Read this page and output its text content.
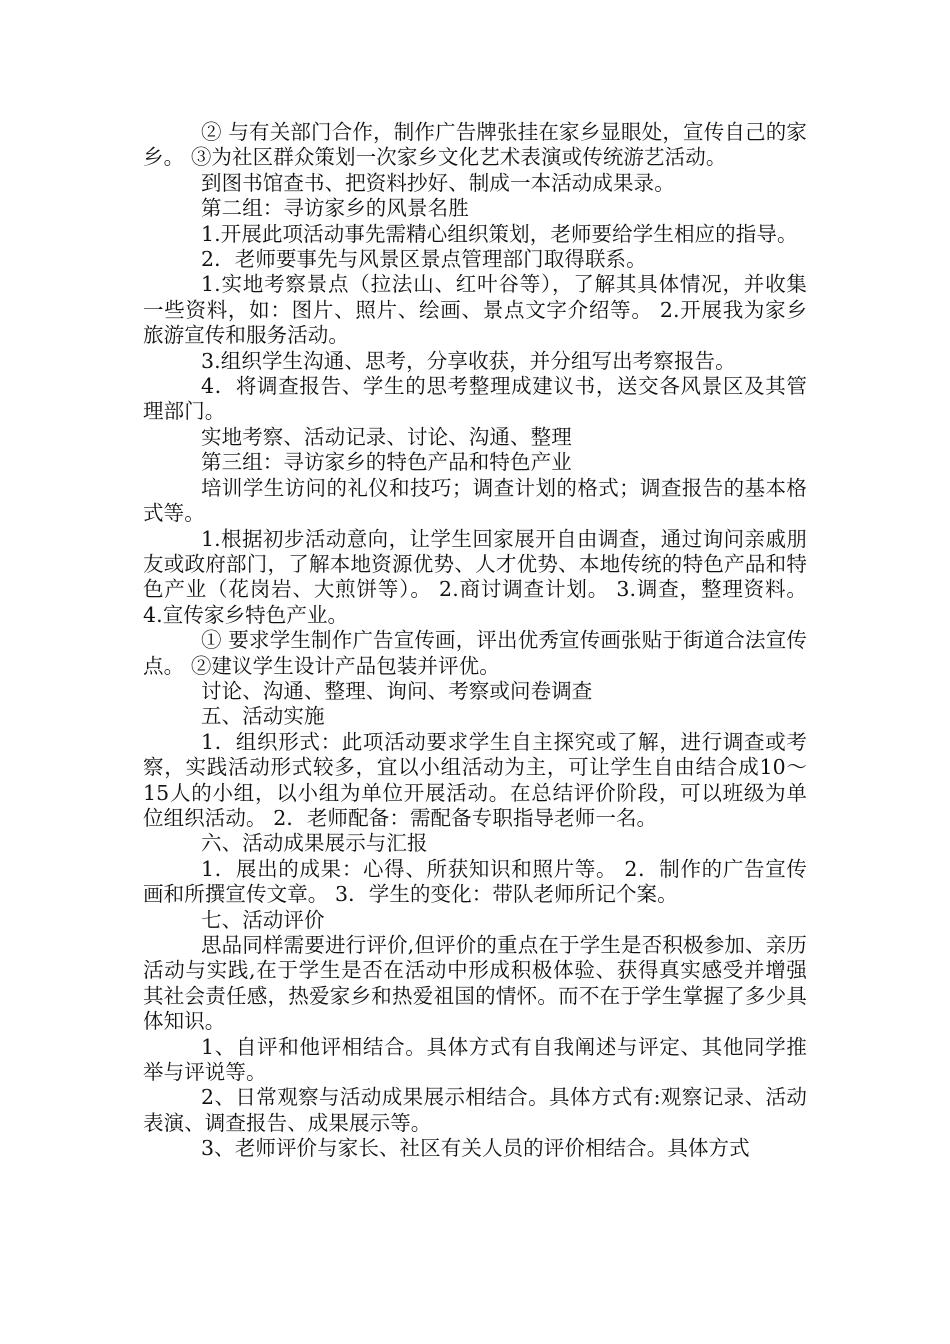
② 与有关部门合作，制作广告牌张挂在家乡显眼处，宣传自己的家乡。 ③为社区群众策划一次家乡文化艺术表演或传统游艺活动。

到图书馆查书、把资料抄好、制成一本活动成果录。

第二组：寻访家乡的风景名胜

1.开展此项活动事先需精心组织策划，老师要给学生相应的指导。

2．老师要事先与风景区景点管理部门取得联系。

1.实地考察景点（拉法山、红叶谷等），了解其具体情况，并收集一些资料，如：图片、照片、绘画、景点文字介绍等。 2.开展我为家乡旅游宣传和服务活动。

3.组织学生沟通、思考，分享收获，并分组写出考察报告。

4．将调查报告、学生的思考整理成建议书，送交各风景区及其管理部门。

实地考察、活动记录、讨论、沟通、整理

第三组：寻访家乡的特色产品和特色产业

培训学生访问的礼仪和技巧；调查计划的格式；调查报告的基本格式等。

1.根据初步活动意向，让学生回家展开自由调查，通过询问亲戚朋友或政府部门，了解本地资源优势、人才优势、本地传统的特色产品和特色产业（花岗岩、大煎饼等）。 2.商讨调查计划。 3.调查，整理资料。 4.宣传家乡特色产业。

① 要求学生制作广告宣传画，评出优秀宣传画张贴于街道合法宣传点。 ②建议学生设计产品包装并评优。

讨论、沟通、整理、询问、考察或问卷调查

五、活动实施

1．组织形式：此项活动要求学生自主探究或了解，进行调查或考察，实践活动形式较多，宜以小组活动为主，可让学生自由结合成10～15人的小组，以小组为单位开展活动。在总结评价阶段，可以班级为单位组织活动。 2．老师配备：需配备专职指导老师一名。

六、活动成果展示与汇报

1．展出的成果：心得、所获知识和照片等。 2．制作的广告宣传画和所撰宣传文章。 3．学生的变化：带队老师所记个案。

七、活动评价

思品同样需要进行评价,但评价的重点在于学生是否积极参加、亲历活动与实践,在于学生是否在活动中形成积极体验、获得真实感受并增强其社会责任感，热爱家乡和热爱祖国的情怀。而不在于学生掌握了多少具体知识。

1、自评和他评相结合。具体方式有自我阐述与评定、其他同学推举与评说等。

2、日常观察与活动成果展示相结合。具体方式有:观察记录、活动表演、调查报告、成果展示等。

3、老师评价与家长、社区有关人员的评价相结合。具体方式
